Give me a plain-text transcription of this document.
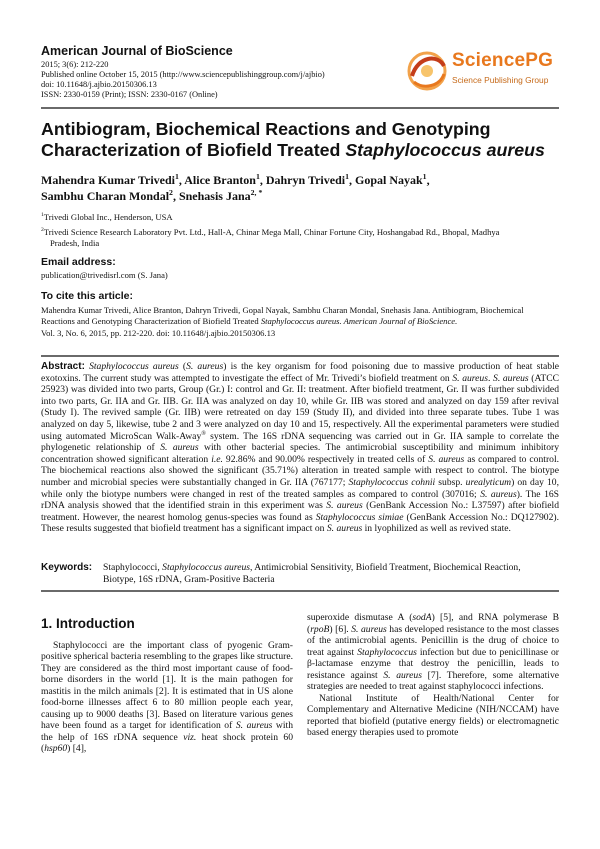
American Journal of BioScience
2015; 3(6): 212-220
Published online October 15, 2015 (http://www.sciencepublishinggroup.com/j/ajbio)
doi: 10.11648/j.ajbio.20150306.13
ISSN: 2330-0159 (Print); ISSN: 2330-0167 (Online)
SciencePG
Science Publishing Group
Antibiogram, Biochemical Reactions and Genotyping Characterization of Biofield Treated Staphylococcus aureus
Mahendra Kumar Trivedi$^1$, Alice Branton$^1$, Dahryn Trivedi$^1$, Gopal Nayak$^1$,
Sambhu Charan Mondal$^2$, Snehasis Jana$^{2, *}$

$^1$Trivedi Global Inc., Henderson, USA

$^2$Trivedi Science Research Laboratory Pvt. Ltd., Hall-A, Chinar Mega Mall, Chinar Fortune City, Hoshangabad Rd., Bhopal, Madhya

Pradesh, India

Email address:
publication@trivedisrl.com (S. Jana)
To cite this article:
Mahendra Kumar Trivedi, Alice Branton, Dahryn Trivedi, Gopal Nayak, Sambhu Charan Mondal, Snehasis Jana. Antibiogram, Biochemical
Reactions and Genotyping Characterization of Biofield Treated Staphylococcus aureus. American Journal of BioScience.
Vol. 3, No. 6, 2015, pp. 212-220. doi: 10.11648/j.ajbio.20150306.13
Abstract: Staphylococcus aureus (S. aureus) is the key organism for food poisoning due to massive production of heat stable exotoxins. The current study was attempted to investigate the effect of Mr. Trivedi’s biofield treatment on S. aureus. S. aureus (ATCC 25923) was divided into two parts, Group (Gr.) I: control and Gr. II: treatment. After biofield treatment, Gr. II was further subdivided into two parts, Gr. IIA and Gr. IIB. Gr. IIA was analyzed on day 10, while Gr. IIB was stored and analyzed on day 159 after revival (Study I). The revived sample (Gr. IIB) were retreated on day 159 (Study II), and divided into three separate tubes. Tube 1 was analyzed on day 5, likewise, tube 2 and 3 were analyzed on day 10 and 15, respectively. All the experimental parameters were studied using automated MicroScan Walk-Away® system. The 16S rDNA sequencing was carried out in Gr. IIA sample to correlate the phylogenetic relationship of S. aureus with other bacterial species. The antimicrobial susceptibility and minimum inhibitory concentration showed significant alteration i.e. 92.86% and 90.00% respectively in treated cells of S. aureus as compared to control. The biochemical reactions also showed the significant (35.71%) alteration in treated sample with respect to control. The biotype number and microbial species were substantially changed in Gr. IIA (767177; Staphylococcus cohnii subsp. urealyticum) on day 10, while only the biotype numbers were changed in rest of the treated samples as compared to control (307016; S. aureus). The 16S rDNA analysis showed that the identified strain in this experiment was S. aureus (GenBank Accession No.: L37597) after biofield treatment. However, the nearest homolog genus-species was found as Staphylococcus simiae (GenBank Accession No.: DQ127902). These results suggested that biofield treatment has a significant impact on S. aureus in lyophilized as well as revived state.
Keywords: Staphylococci, Staphylococcus aureus, Antimicrobial Sensitivity, Biofield Treatment, Biochemical Reaction,
Biotype, 16S rDNA, Gram-Positive Bacteria
1. Introduction

Staphylococci are the important class of pyogenic Gram-positive spherical bacteria resembling to the grapes like structure. They are considered as the third most important cause of food-borne disorders in the world [1]. It is the main pathogen for mastitis in the milch animals [2]. It is estimated that in US alone food-borne illnesses affect 6 to 80 million people each year, causing up to 9000 deaths [3]. Based on literature various genes have been found as a target for identification of S. aureus with the help of 16S rDNA sequence viz. heat shock protein 60 (hsp60) [4],

superoxide dismutase A (sodA) [5], and RNA polymerase B (rpoB) [6]. S. aureus has developed resistance to the most classes of the antimicrobial agents. Penicillin is the drug of choice to treat against Staphylococcus infection but due to penicillinase or β-lactamase enzyme that destroy the penicillin, leads to resistance against S. aureus [7]. Therefore, some alternative strategies are needed to treat against staphylococci infections.

National Institute of Health/National Center for Complementary and Alternative Medicine (NIH/NCCAM) have reported that biofield (putative energy fields) or electromagnetic based energy therapies used to promote
